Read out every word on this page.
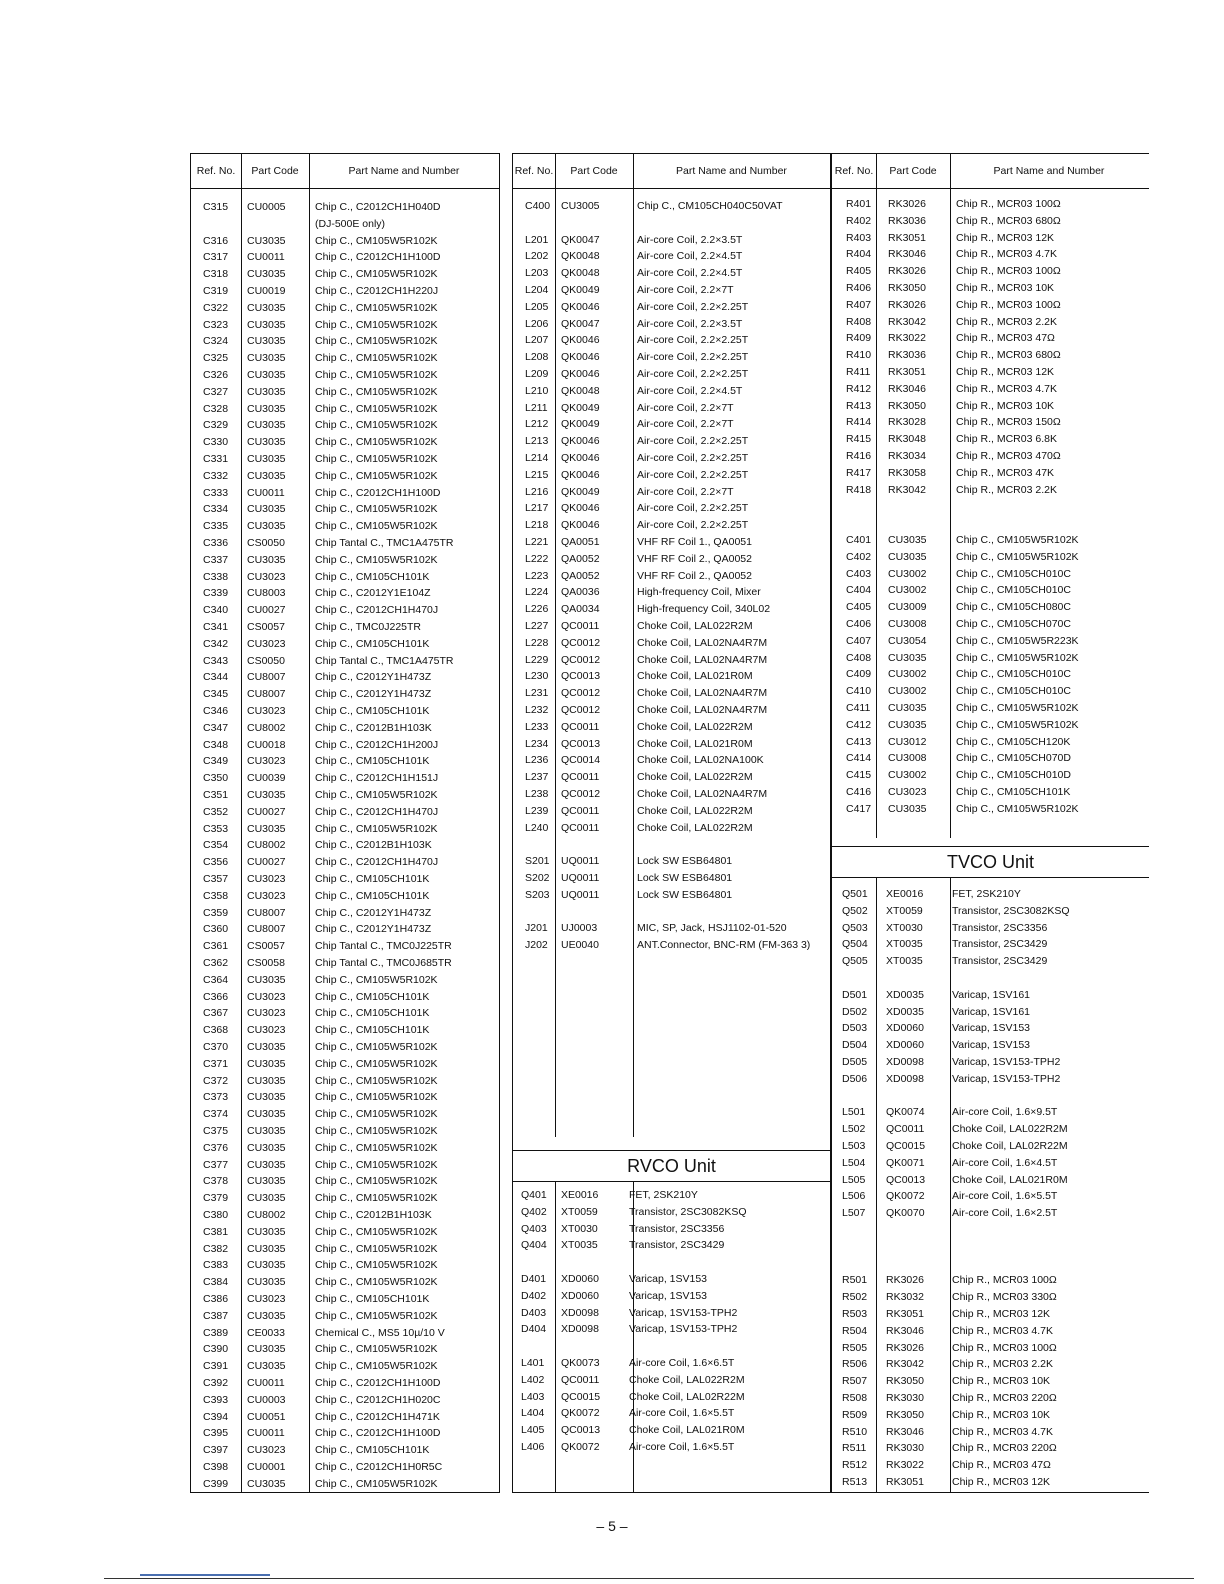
Ref. No.	Part Code	Part Name and Number
C315 CU0005	Chip C., C2012CH1H040D
(DJ-500E only)
C316 CU3035	Chip C., CM105W5R102K
C317 CU0011	Chip C., C2012CH1H100D
C318 CU3035	Chip C., CM105W5R102K
C319 CU0019	Chip C., C2012CH1H220J
C322 CU3035	Chip C., CM105W5R102K
C323 CU3035	Chip C., CM105W5R102K
C324 CU3035	Chip C., CM105W5R102K
C325 CU3035	Chip C., CM105W5R102K
C326 CU3035	Chip C., CM105W5R102K
C327 CU3035	Chip C., CM105W5R102K
C328 CU3035	Chip C., CM105W5R102K
C329 CU3035	Chip C., CM105W5R102K
C330 CU3035	Chip C., CM105W5R102K
C331 CU3035	Chip C., CM105W5R102K
C332 CU3035	Chip C., CM105W5R102K
C333 CU0011	Chip C., C2012CH1H100D
C334 CU3035	Chip C., CM105W5R102K
C335 CU3035	Chip C., CM105W5R102K
C336 CS0050	Chip Tantal C., TMC1A475TR
C337 CU3035	Chip C., CM105W5R102K
C338 CU3023	Chip C., CM105CH101K
C339 CU8003	Chip C., C2012Y1E104Z
C340 CU0027	Chip C., C2012CH1H470J
C341 CS0057	Chip C., TMC0J225TR
C342 CU3023	Chip C., CM105CH101K
C343 CS0050	Chip Tantal C., TMC1A475TR
C344 CU8007	Chip C., C2012Y1H473Z
C345 CU8007	Chip C., C2012Y1H473Z
C346 CU3023	Chip C., CM105CH101K
C347 CU8002	Chip C., C2012B1H103K
C348 CU0018	Chip C., C2012CH1H200J
C349 CU3023	Chip C., CM105CH101K
C350 CU0039	Chip C., C2012CH1H151J
C351 CU3035	Chip C., CM105W5R102K
C352 CU0027	Chip C., C2012CH1H470J
C353 CU3035	Chip C., CM105W5R102K
C354 CU8002	Chip C., C2012B1H103K
C356 CU0027	Chip C., C2012CH1H470J
C357 CU3023	Chip C., CM105CH101K
C358 CU3023	Chip C., CM105CH101K
C359 CU8007	Chip C., C2012Y1H473Z
C360 CU8007	Chip C., C2012Y1H473Z
C361 CS0057	Chip Tantal C., TMC0J225TR
C362 CS0058	Chip Tantal C., TMC0J685TR
C364 CU3035	Chip C., CM105W5R102K
C366 CU3023	Chip C., CM105CH101K
C367 CU3023	Chip C., CM105CH101K
C368 CU3023	Chip C., CM105CH101K
C370 CU3035	Chip C., CM105W5R102K
C371 CU3035	Chip C., CM105W5R102K
C372 CU3035	Chip C., CM105W5R102K
C373 CU3035	Chip C., CM105W5R102K
C374 CU3035	Chip C., CM105W5R102K
C375 CU3035	Chip C., CM105W5R102K
C376 CU3035	Chip C., CM105W5R102K
C377 CU3035	Chip C., CM105W5R102K
C378 CU3035	Chip C., CM105W5R102K
C379 CU3035	Chip C., CM105W5R102K
C380 CU8002	Chip C., C2012B1H103K
C381 CU3035	Chip C., CM105W5R102K
C382 CU3035	Chip C., CM105W5R102K
C383 CU3035	Chip C., CM105W5R102K
C384 CU3035	Chip C., CM105W5R102K
C386 CU3023	Chip C., CM105CH101K
C387 CU3035	Chip C., CM105W5R102K
C389 CE0033	Chemical C., MS5 10µ/10 V
C390 CU3035	Chip C., CM105W5R102K
C391 CU3035	Chip C., CM105W5R102K
C392 CU0011	Chip C., C2012CH1H100D
C393 CU0003	Chip C., C2012CH1H020C
C394 CU0051	Chip C., C2012CH1H471K
C395 CU0011	Chip C., C2012CH1H100D
C397 CU3023	Chip C., CM105CH101K
C398 CU0001	Chip C., C2012CH1H0R5C
C399 CU3035	Chip C., CM105W5R102K
Ref. No.	Part Code	Part Name and Number
C400 CU3005	Chip C., CM105CH040C50VAT
L201 QK0047	Air-core Coil, 2.2×3.5T
L202 QK0048	Air-core Coil, 2.2×4.5T
L203 QK0048	Air-core Coil, 2.2×4.5T
L204 QK0049	Air-core Coil, 2.2×7T
L205 QK0046	Air-core Coil, 2.2×2.25T
L206 QK0047	Air-core Coil, 2.2×3.5T
L207 QK0046	Air-core Coil, 2.2×2.25T
L208 QK0046	Air-core Coil, 2.2×2.25T
L209 QK0046	Air-core Coil, 2.2×2.25T
L210 QK0048	Air-core Coil, 2.2×4.5T
L211 QK0049	Air-core Coil, 2.2×7T
L212 QK0049	Air-core Coil, 2.2×7T
L213 QK0046	Air-core Coil, 2.2×2.25T
L214 QK0046	Air-core Coil, 2.2×2.25T
L215 QK0046	Air-core Coil, 2.2×2.25T
L216 QK0049	Air-core Coil, 2.2×7T
L217 QK0046	Air-core Coil, 2.2×2.25T
L218 QK0046	Air-core Coil, 2.2×2.25T
L221 QA0051	VHF RF Coil 1., QA0051
L222 QA0052	VHF RF Coil 2., QA0052
L223 QA0052	VHF RF Coil 2., QA0052
L224 QA0036	High-frequency Coil, Mixer
L226 QA0034	High-frequency Coil, 340L02
L227 QC0011	Choke Coil, LAL022R2M
L228 QC0012	Choke Coil, LAL02NA4R7M
L229 QC0012	Choke Coil, LAL02NA4R7M
L230 QC0013	Choke Coil, LAL021R0M
L231 QC0012	Choke Coil, LAL02NA4R7M
L232 QC0012	Choke Coil, LAL02NA4R7M
L233 QC0011	Choke Coil, LAL022R2M
L234 QC0013	Choke Coil, LAL021R0M
L236 QC0014	Choke Coil, LAL02NA100K
L237 QC0011	Choke Coil, LAL022R2M
L238 QC0012	Choke Coil, LAL02NA4R7M
L239 QC0011	Choke Coil, LAL022R2M
L240 QC0011	Choke Coil, LAL022R2M
S201 UQ0011	Lock SW ESB64801
S202 UQ0011	Lock SW ESB64801
S203 UQ0011	Lock SW ESB64801
J201 UJ0003	MIC, SP, Jack, HSJ1102-01-520
J202 UE0040	ANT.Connector, BNC-RM (FM-363 3)
RVCO Unit
Q401 XE0016	FET, 2SK210Y
Q402 XT0059	Transistor, 2SC3082KSQ
Q403 XT0030	Transistor, 2SC3356
Q404 XT0035	Transistor, 2SC3429
D401 XD0060	Varicap, 1SV153
D402 XD0060	Varicap, 1SV153
D403 XD0098	Varicap, 1SV153-TPH2
D404 XD0098	Varicap, 1SV153-TPH2
L401 QK0073	Air-core Coil, 1.6×6.5T
L402 QC0011	Choke Coil, LAL022R2M
L403 QC0015	Choke Coil, LAL02R22M
L404 QK0072	Air-core Coil, 1.6×5.5T
L405 QC0013	Choke Coil, LAL021R0M
L406 QK0072	Air-core Coil, 1.6×5.5T
Ref. No.	Part Code	Part Name and Number
R401 RK3026	Chip R., MCR03 100Ω
R402 RK3036	Chip R., MCR03 680Ω
R403 RK3051	Chip R., MCR03 12K
R404 RK3046	Chip R., MCR03 4.7K
R405 RK3026	Chip R., MCR03 100Ω
R406 RK3050	Chip R., MCR03 10K
R407 RK3026	Chip R., MCR03 100Ω
R408 RK3042	Chip R., MCR03 2.2K
R409 RK3022	Chip R., MCR03 47Ω
R410 RK3036	Chip R., MCR03 680Ω
R411 RK3051	Chip R., MCR03 12K
R412 RK3046	Chip R., MCR03 4.7K
R413 RK3050	Chip R., MCR03 10K
R414 RK3028	Chip R., MCR03 150Ω
R415 RK3048	Chip R., MCR03 6.8K
R416 RK3034	Chip R., MCR03 470Ω
R417 RK3058	Chip R., MCR03 47K
R418 RK3042	Chip R., MCR03 2.2K
C401 CU3035	Chip C., CM105W5R102K
C402 CU3035	Chip C., CM105W5R102K
C403 CU3002	Chip C., CM105CH010C
C404 CU3002	Chip C., CM105CH010C
C405 CU3009	Chip C., CM105CH080C
C406 CU3008	Chip C., CM105CH070C
C407 CU3054	Chip C., CM105W5R223K
C408 CU3035	Chip C., CM105W5R102K
C409 CU3002	Chip C., CM105CH010C
C410 CU3002	Chip C., CM105CH010C
C411 CU3035	Chip C., CM105W5R102K
C412 CU3035	Chip C., CM105W5R102K
C413 CU3012	Chip C., CM105CH120K
C414 CU3008	Chip C., CM105CH070D
C415 CU3002	Chip C., CM105CH010D
C416 CU3023	Chip C., CM105CH101K
C417 CU3035	Chip C., CM105W5R102K
TVCO Unit
Q501 XE0016	FET, 2SK210Y
Q502 XT0059	Transistor, 2SC3082KSQ
Q503 XT0030	Transistor, 2SC3356
Q504 XT0035	Transistor, 2SC3429
Q505 XT0035	Transistor, 2SC3429
D501 XD0035	Varicap, 1SV161
D502 XD0035	Varicap, 1SV161
D503 XD0060	Varicap, 1SV153
D504 XD0060	Varicap, 1SV153
D505 XD0098	Varicap, 1SV153-TPH2
D506 XD0098	Varicap, 1SV153-TPH2
L501 QK0074	Air-core Coil, 1.6×9.5T
L502 QC0011	Choke Coil, LAL022R2M
L503 QC0015	Choke Coil, LAL02R22M
L504 QK0071	Air-core Coil, 1.6×4.5T
L505 QC0013	Choke Coil, LAL021R0M
L506 QK0072	Air-core Coil, 1.6×5.5T
L507 QK0070	Air-core Coil, 1.6×2.5T
R501 RK3026	Chip R., MCR03 100Ω
R502 RK3032	Chip R., MCR03 330Ω
R503 RK3051	Chip R., MCR03 12K
R504 RK3046	Chip R., MCR03 4.7K
R505 RK3026	Chip R., MCR03 100Ω
R506 RK3042	Chip R., MCR03 2.2K
R507 RK3050	Chip R., MCR03 10K
R508 RK3030	Chip R., MCR03 220Ω
R509 RK3050	Chip R., MCR03 10K
R510 RK3046	Chip R., MCR03 4.7K
R511 RK3030	Chip R., MCR03 220Ω
R512 RK3022	Chip R., MCR03 47Ω
R513 RK3051	Chip R., MCR03 12K
– 5 –
